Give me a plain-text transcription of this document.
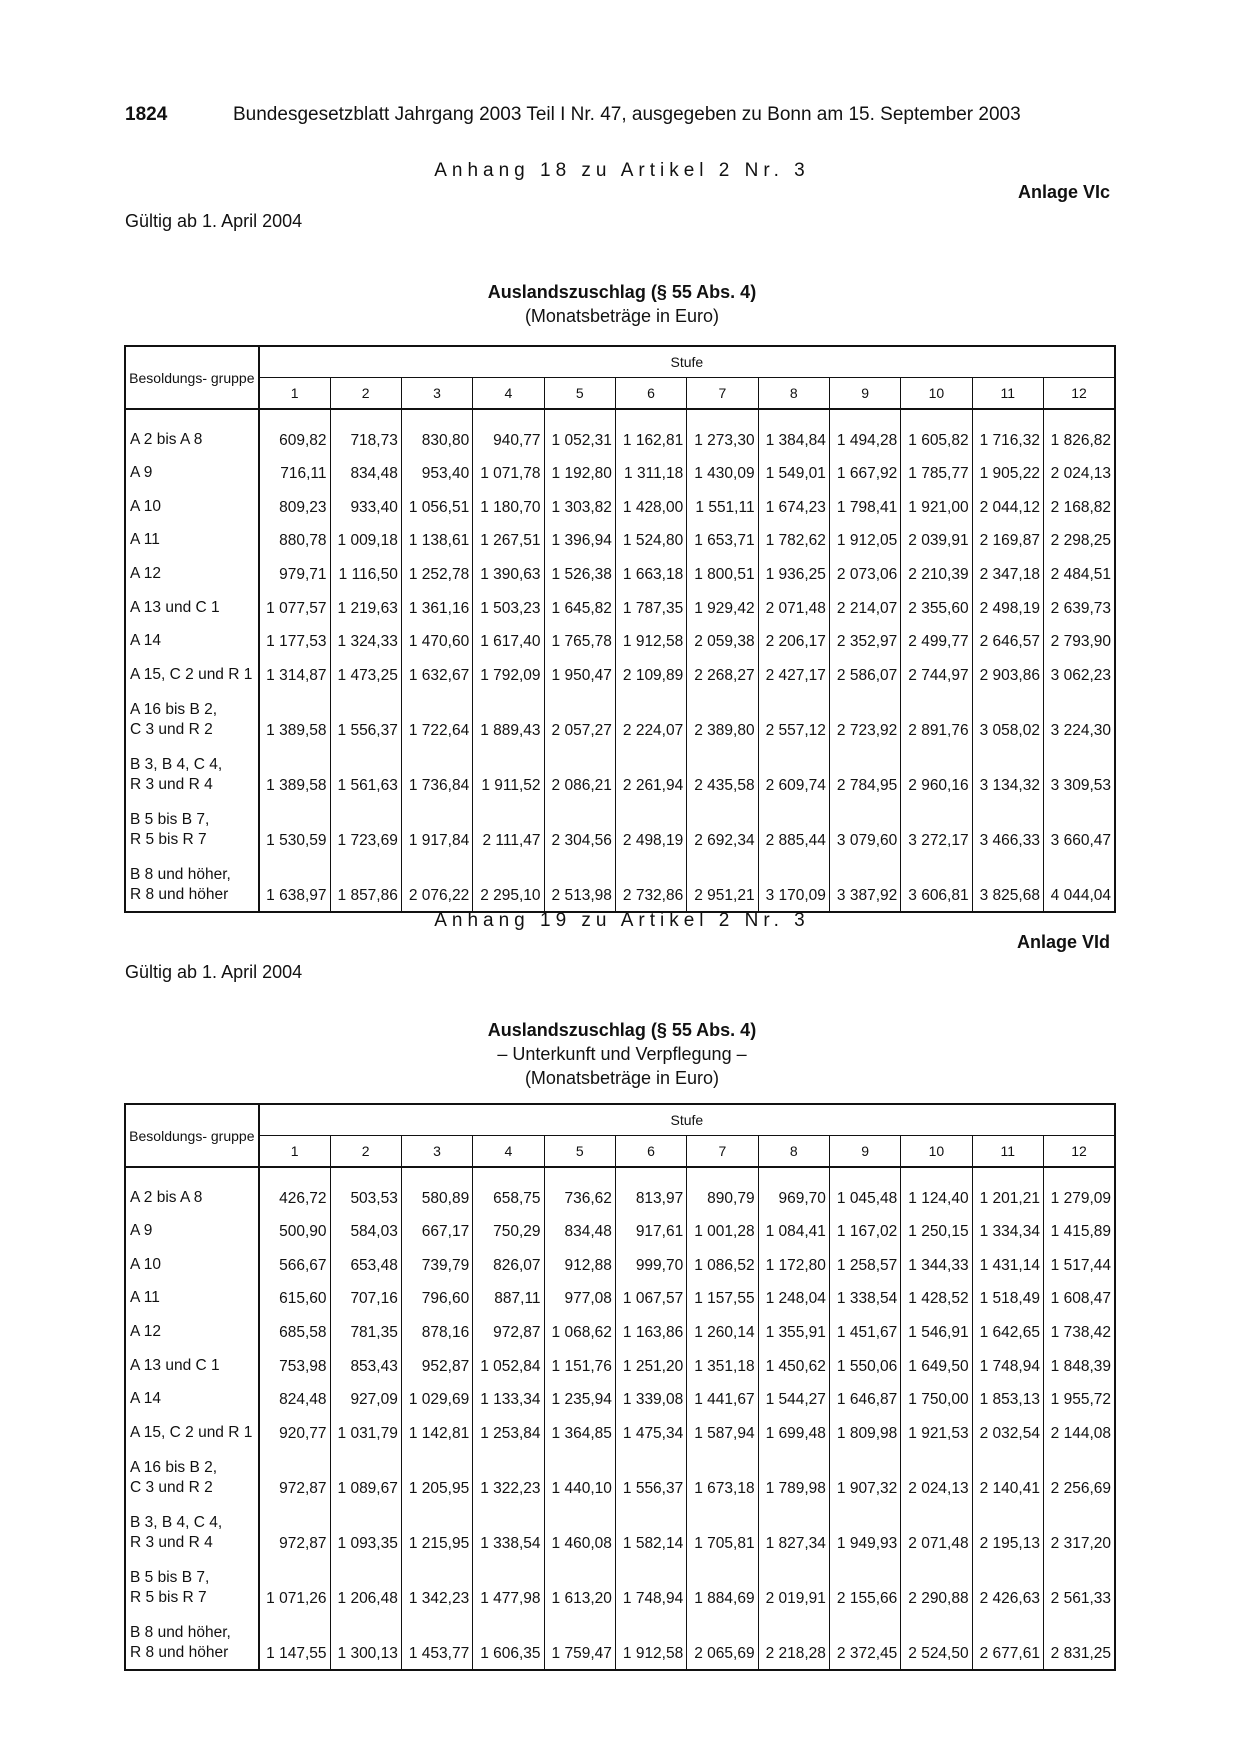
1824	Bundesgesetzblatt Jahrgang 2003 Teil I Nr. 47, ausgegeben zu Bonn am 15. September 2003
Anhang 18 zu Artikel 2 Nr. 3
Anlage VIc
Gültig ab 1. April 2004
Auslandszuschlag (§ 55 Abs. 4)
(Monatsbeträge in Euro)
Besoldungs- gruppe	Stufe											
	1	2	3	4	5	6	7	8	9	10	11	12

A 2 bis A 8	609,82	718,73	830,80	940,77	1 052,31	1 162,81	1 273,30	1 384,84	1 494,28	1 605,82	1 716,32	1 826,82

A 9	716,11	834,48	953,40	1 071,78	1 192,80	1 311,18	1 430,09	1 549,01	1 667,92	1 785,77	1 905,22	2 024,13

A 10	809,23	933,40	1 056,51	1 180,70	1 303,82	1 428,00	1 551,11	1 674,23	1 798,41	1 921,00	2 044,12	2 168,82

A 11	880,78	1 009,18	1 138,61	1 267,51	1 396,94	1 524,80	1 653,71	1 782,62	1 912,05	2 039,91	2 169,87	2 298,25

A 12	979,71	1 116,50	1 252,78	1 390,63	1 526,38	1 663,18	1 800,51	1 936,25	2 073,06	2 210,39	2 347,18	2 484,51

A 13 und C 1	1 077,57	1 219,63	1 361,16	1 503,23	1 645,82	1 787,35	1 929,42	2 071,48	2 214,07	2 355,60	2 498,19	2 639,73

A 14	1 177,53	1 324,33	1 470,60	1 617,40	1 765,78	1 912,58	2 059,38	2 206,17	2 352,97	2 499,77	2 646,57	2 793,90

A 15, C 2 und R 1	1 314,87	1 473,25	1 632,67	1 792,09	1 950,47	2 109,89	2 268,27	2 427,17	2 586,07	2 744,97	2 903,86	3 062,23

A 16 bis B 2,
C 3 und R 2	1 389,58	1 556,37	1 722,64	1 889,43	2 057,27	2 224,07	2 389,80	2 557,12	2 723,92	2 891,76	3 058,02	3 224,30

B 3, B 4, C 4,
R 3 und R 4	1 389,58	1 561,63	1 736,84	1 911,52	2 086,21	2 261,94	2 435,58	2 609,74	2 784,95	2 960,16	3 134,32	3 309,53

B 5 bis B 7,
R 5 bis R 7	1 530,59	1 723,69	1 917,84	2 111,47	2 304,56	2 498,19	2 692,34	2 885,44	3 079,60	3 272,17	3 466,33	3 660,47

B 8 und höher,
R 8 und höher	1 638,97	1 857,86	2 076,22	2 295,10	2 513,98	2 732,86	2 951,21	3 170,09	3 387,92	3 606,81	3 825,68	4 044,04
Anhang 19 zu Artikel 2 Nr. 3
Anlage VId
Gültig ab 1. April 2004
Auslandszuschlag (§ 55 Abs. 4)
– Unterkunft und Verpflegung –
(Monatsbeträge in Euro)
Besoldungs- gruppe	Stufe											
	1	2	3	4	5	6	7	8	9	10	11	12

A 2 bis A 8	426,72	503,53	580,89	658,75	736,62	813,97	890,79	969,70	1 045,48	1 124,40	1 201,21	1 279,09

A 9	500,90	584,03	667,17	750,29	834,48	917,61	1 001,28	1 084,41	1 167,02	1 250,15	1 334,34	1 415,89

A 10	566,67	653,48	739,79	826,07	912,88	999,70	1 086,52	1 172,80	1 258,57	1 344,33	1 431,14	1 517,44

A 11	615,60	707,16	796,60	887,11	977,08	1 067,57	1 157,55	1 248,04	1 338,54	1 428,52	1 518,49	1 608,47

A 12	685,58	781,35	878,16	972,87	1 068,62	1 163,86	1 260,14	1 355,91	1 451,67	1 546,91	1 642,65	1 738,42

A 13 und C 1	753,98	853,43	952,87	1 052,84	1 151,76	1 251,20	1 351,18	1 450,62	1 550,06	1 649,50	1 748,94	1 848,39

A 14	824,48	927,09	1 029,69	1 133,34	1 235,94	1 339,08	1 441,67	1 544,27	1 646,87	1 750,00	1 853,13	1 955,72

A 15, C 2 und R 1	920,77	1 031,79	1 142,81	1 253,84	1 364,85	1 475,34	1 587,94	1 699,48	1 809,98	1 921,53	2 032,54	2 144,08

A 16 bis B 2,
C 3 und R 2	972,87	1 089,67	1 205,95	1 322,23	1 440,10	1 556,37	1 673,18	1 789,98	1 907,32	2 024,13	2 140,41	2 256,69

B 3, B 4, C 4,
R 3 und R 4	972,87	1 093,35	1 215,95	1 338,54	1 460,08	1 582,14	1 705,81	1 827,34	1 949,93	2 071,48	2 195,13	2 317,20

B 5 bis B 7,
R 5 bis R 7	1 071,26	1 206,48	1 342,23	1 477,98	1 613,20	1 748,94	1 884,69	2 019,91	2 155,66	2 290,88	2 426,63	2 561,33

B 8 und höher,
R 8 und höher	1 147,55	1 300,13	1 453,77	1 606,35	1 759,47	1 912,58	2 065,69	2 218,28	2 372,45	2 524,50	2 677,61	2 831,25
